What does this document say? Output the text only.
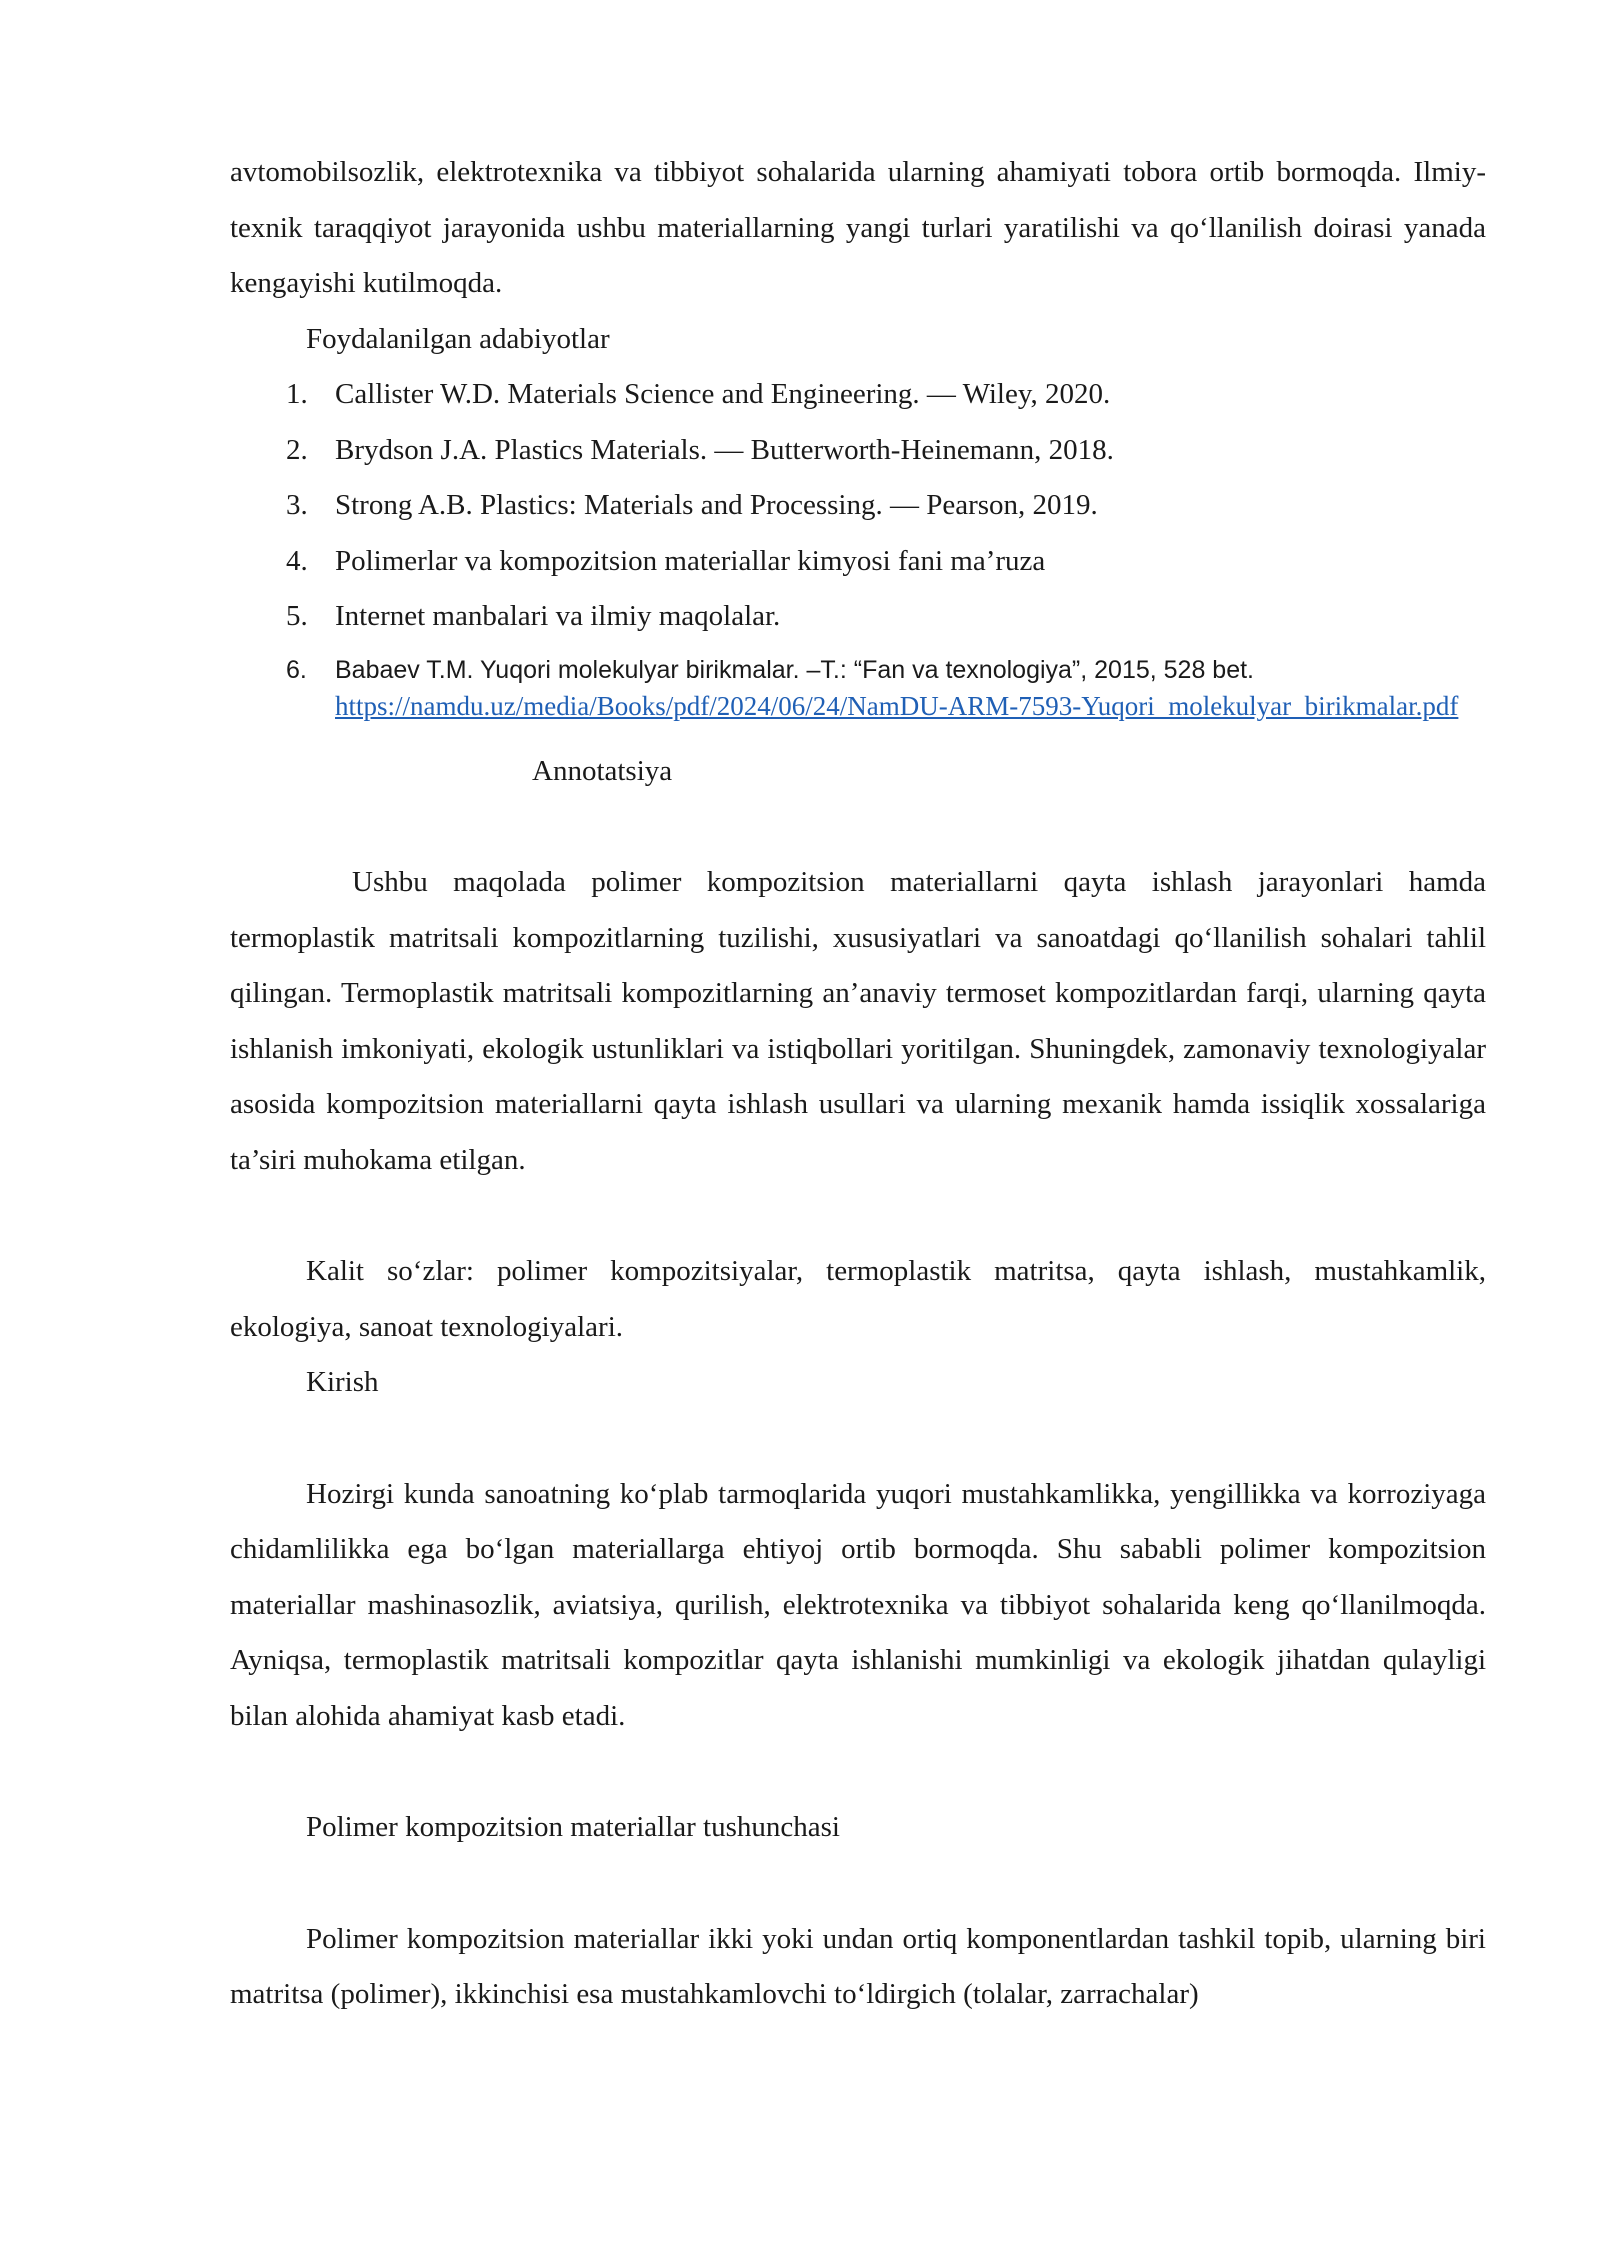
avtomobilsozlik, elektrotexnika va tibbiyot sohalarida ularning ahamiyati tobora ortib bormoqda. Ilmiy-texnik taraqqiyot jarayonida ushbu materiallarning yangi turlari yaratilishi va qo‘llanilish doirasi yanada kengayishi kutilmoqda.

Foydalanilgan adabiyotlar

1. Callister W.D. Materials Science and Engineering. — Wiley, 2020.
2. Brydson J.A. Plastics Materials. — Butterworth-Heinemann, 2018.
3. Strong A.B. Plastics: Materials and Processing. — Pearson, 2019.
4. Polimerlar va kompozitsion materiallar kimyosi fani ma’ruza
5. Internet manbalari va ilmiy maqolalar.
6. Babaev T.M. Yuqori molekulyar birikmalar. –T.: “Fan va texnologiya”, 2015, 528 bet.
https://namdu.uz/media/Books/pdf/2024/06/24/NamDU-ARM-7593-Yuqori_molekulyar_birikmalar.pdf

Annotatsiya

Ushbu maqolada polimer kompozitsion materiallarni qayta ishlash jarayonlari hamda termoplastik matritsali kompozitlarning tuzilishi, xususiyatlari va sanoatdagi qo‘llanilish sohalari tahlil qilingan. Termoplastik matritsali kompozitlarning an’anaviy termoset kompozitlardan farqi, ularning qayta ishlanish imkoniyati, ekologik ustunliklari va istiqbollari yoritilgan. Shuningdek, zamonaviy texnologiyalar asosida kompozitsion materiallarni qayta ishlash usullari va ularning mexanik hamda issiqlik xossalariga ta’siri muhokama etilgan.

Kalit so‘zlar: polimer kompozitsiyalar, termoplastik matritsa, qayta ishlash, mustahkamlik, ekologiya, sanoat texnologiyalari.

Kirish

Hozirgi kunda sanoatning ko‘plab tarmoqlarida yuqori mustahkamlikka, yengillikka va korroziyaga chidamlilikka ega bo‘lgan materiallarga ehtiyoj ortib bormoqda. Shu sababli polimer kompozitsion materiallar mashinasozlik, aviatsiya, qurilish, elektrotexnika va tibbiyot sohalarida keng qo‘llanilmoqda. Ayniqsa, termoplastik matritsali kompozitlar qayta ishlanishi mumkinligi va ekologik jihatdan qulayligi bilan alohida ahamiyat kasb etadi.

Polimer kompozitsion materiallar tushunchasi

Polimer kompozitsion materiallar ikki yoki undan ortiq komponentlardan tashkil topib, ularning biri matritsa (polimer), ikkinchisi esa mustahkamlovchi to‘ldirgich (tolalar, zarrachalar)
